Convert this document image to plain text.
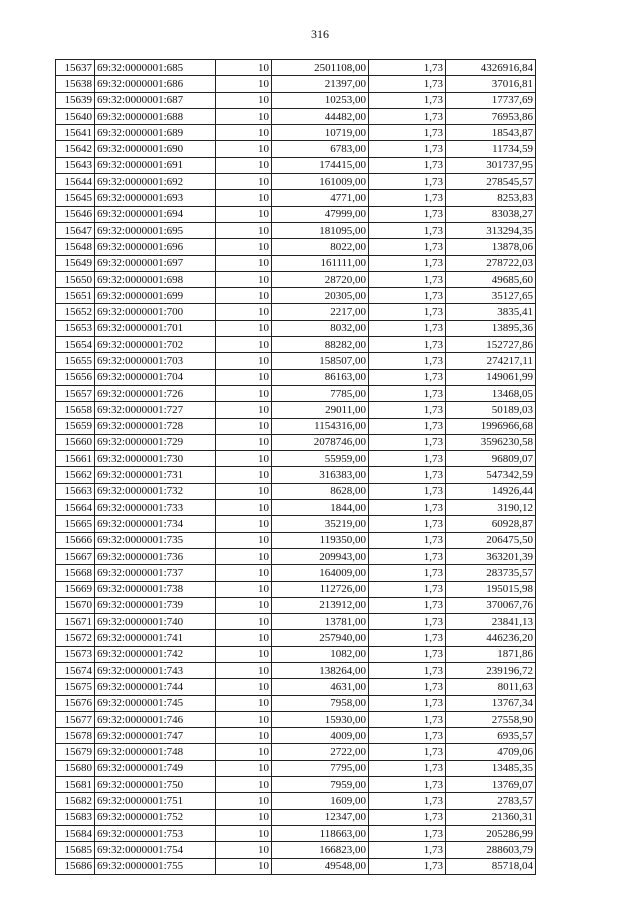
316
15637	69:32:0000001:685	10	2501108,00	1,73	4326916,84
15638	69:32:0000001:686	10	21397,00	1,73	37016,81
15639	69:32:0000001:687	10	10253,00	1,73	17737,69
15640	69:32:0000001:688	10	44482,00	1,73	76953,86
15641	69:32:0000001:689	10	10719,00	1,73	18543,87
15642	69:32:0000001:690	10	6783,00	1,73	11734,59
15643	69:32:0000001:691	10	174415,00	1,73	301737,95
15644	69:32:0000001:692	10	161009,00	1,73	278545,57
15645	69:32:0000001:693	10	4771,00	1,73	8253,83
15646	69:32:0000001:694	10	47999,00	1,73	83038,27
15647	69:32:0000001:695	10	181095,00	1,73	313294,35
15648	69:32:0000001:696	10	8022,00	1,73	13878,06
15649	69:32:0000001:697	10	161111,00	1,73	278722,03
15650	69:32:0000001:698	10	28720,00	1,73	49685,60
15651	69:32:0000001:699	10	20305,00	1,73	35127,65
15652	69:32:0000001:700	10	2217,00	1,73	3835,41
15653	69:32:0000001:701	10	8032,00	1,73	13895,36
15654	69:32:0000001:702	10	88282,00	1,73	152727,86
15655	69:32:0000001:703	10	158507,00	1,73	274217,11
15656	69:32:0000001:704	10	86163,00	1,73	149061,99
15657	69:32:0000001:726	10	7785,00	1,73	13468,05
15658	69:32:0000001:727	10	29011,00	1,73	50189,03
15659	69:32:0000001:728	10	1154316,00	1,73	1996966,68
15660	69:32:0000001:729	10	2078746,00	1,73	3596230,58
15661	69:32:0000001:730	10	55959,00	1,73	96809,07
15662	69:32:0000001:731	10	316383,00	1,73	547342,59
15663	69:32:0000001:732	10	8628,00	1,73	14926,44
15664	69:32:0000001:733	10	1844,00	1,73	3190,12
15665	69:32:0000001:734	10	35219,00	1,73	60928,87
15666	69:32:0000001:735	10	119350,00	1,73	206475,50
15667	69:32:0000001:736	10	209943,00	1,73	363201,39
15668	69:32:0000001:737	10	164009,00	1,73	283735,57
15669	69:32:0000001:738	10	112726,00	1,73	195015,98
15670	69:32:0000001:739	10	213912,00	1,73	370067,76
15671	69:32:0000001:740	10	13781,00	1,73	23841,13
15672	69:32:0000001:741	10	257940,00	1,73	446236,20
15673	69:32:0000001:742	10	1082,00	1,73	1871,86
15674	69:32:0000001:743	10	138264,00	1,73	239196,72
15675	69:32:0000001:744	10	4631,00	1,73	8011,63
15676	69:32:0000001:745	10	7958,00	1,73	13767,34
15677	69:32:0000001:746	10	15930,00	1,73	27558,90
15678	69:32:0000001:747	10	4009,00	1,73	6935,57
15679	69:32:0000001:748	10	2722,00	1,73	4709,06
15680	69:32:0000001:749	10	7795,00	1,73	13485,35
15681	69:32:0000001:750	10	7959,00	1,73	13769,07
15682	69:32:0000001:751	10	1609,00	1,73	2783,57
15683	69:32:0000001:752	10	12347,00	1,73	21360,31
15684	69:32:0000001:753	10	118663,00	1,73	205286,99
15685	69:32:0000001:754	10	166823,00	1,73	288603,79
15686	69:32:0000001:755	10	49548,00	1,73	85718,04
